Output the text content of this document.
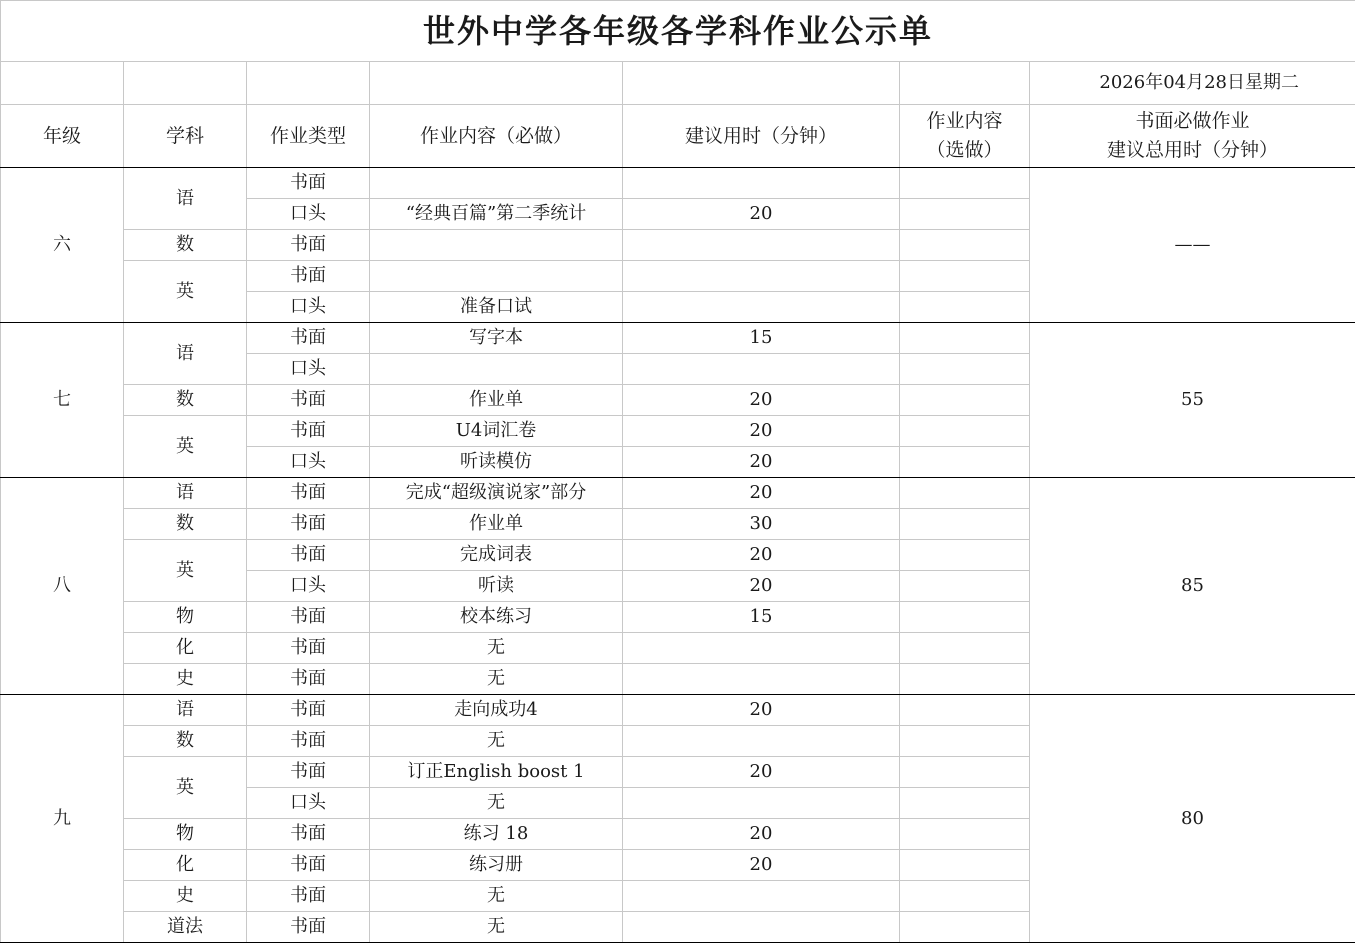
世外中学各年级各学科作业公示单						
						2026年04月28日星期二
年级	学科	作业类型	作业内容（必做）	建议用时（分钟）	作业内容
（选做）	书面必做作业
建议总用时（分钟）

六	语	书面				——
		口头	“经典百篇”第二季统计	20		
	数	书面				
	英	书面				
		口头	准备口试			
七	语	书面	写字本	15		55
		口头				
	数	书面	作业单	20		
	英	书面	U4词汇卷	20		
		口头	听读模仿	20		
八	语	书面	完成“超级演说家”部分	20		85
	数	书面	作业单	30		
	英	书面	完成词表	20		
		口头	听读	20		
	物	书面	校本练习	15		
	化	书面	无			
	史	书面	无			
九	语	书面	走向成功4	20		80
	数	书面	无			
	英	书面	订正English boost 1	20		
		口头	无			
	物	书面	练习 18	20		
	化	书面	练习册	20		
	史	书面	无			
	道法	书面	无			
